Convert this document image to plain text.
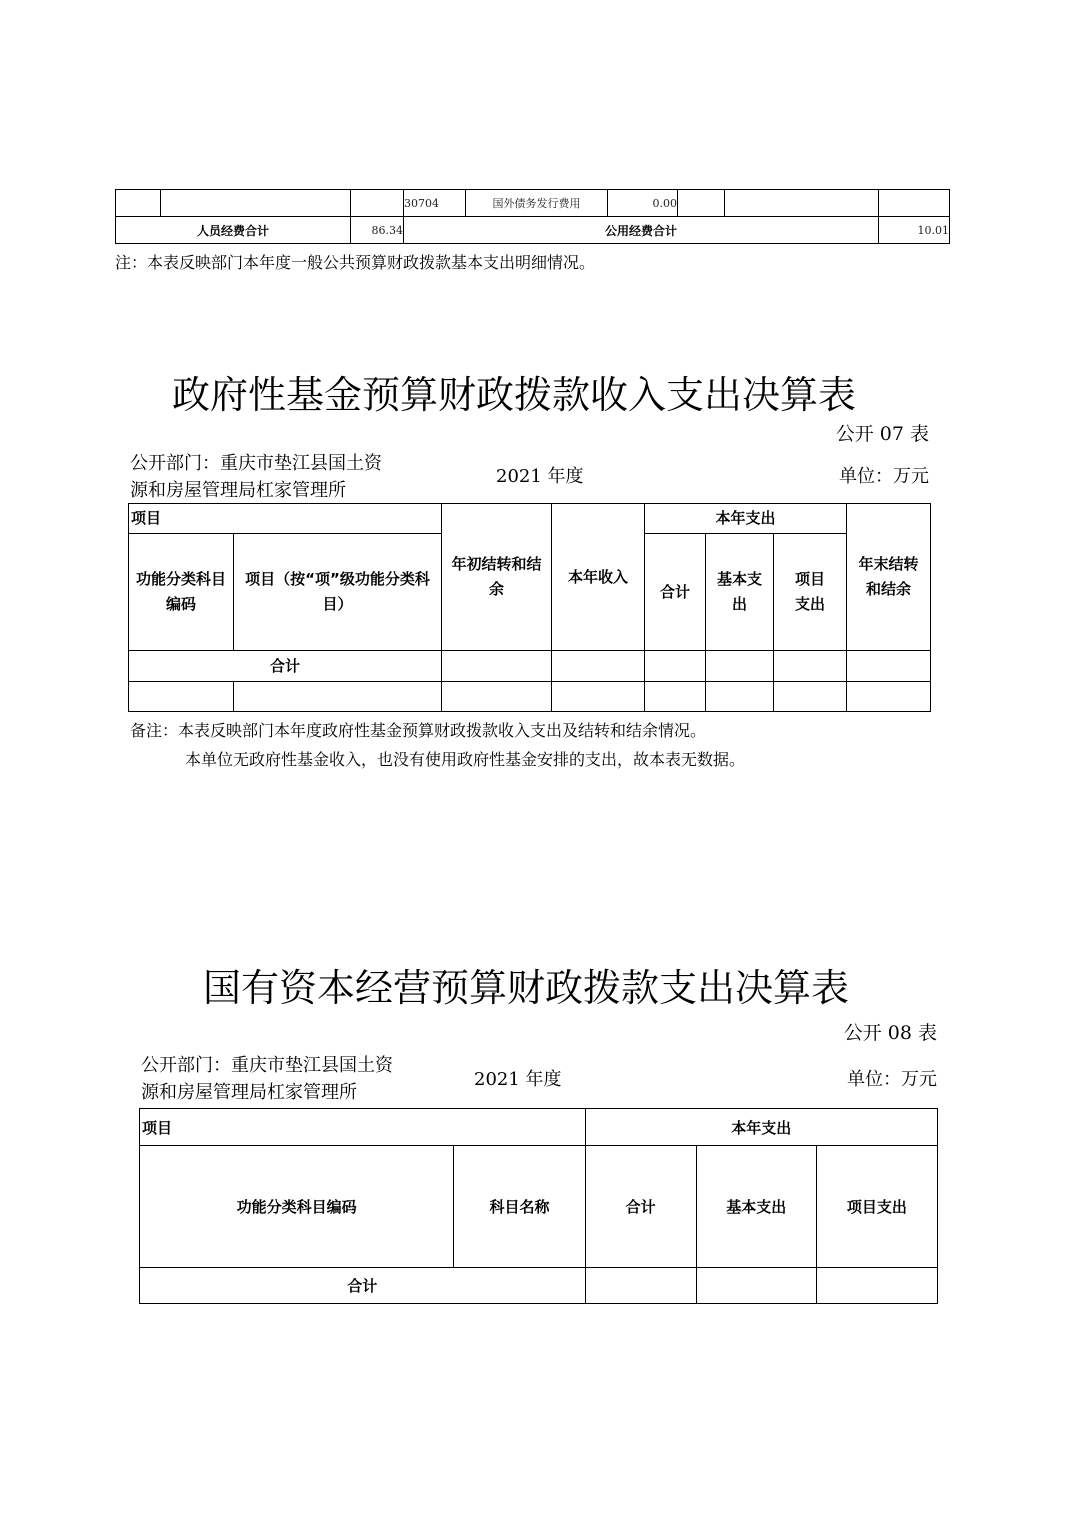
			30704	国外债务发行费用	0.00			
人员经费合计		86.34	公用经费合计					10.01
注：本表反映部门本年度一般公共预算财政拨款基本支出明细情况。
政府性基金预算财政拨款收入支出决算表
公开 07 表
公开部门：重庆市垫江县国土资
源和房屋管理局杠家管理所
2021 年度	单位：万元
项目		年初结转和结余	本年收入	本年支出			年末结转和结余
功能分类科目编码	项目（按“项”级功能分类科目）			合计	基本支出	项目支出	
合计							

备注：本表反映部门本年度政府性基金预算财政拨款收入支出及结转和结余情况。
本单位无政府性基金收入，也没有使用政府性基金安排的支出，故本表无数据。
国有资本经营预算财政拨款支出决算表
公开 08 表
公开部门：重庆市垫江县国土资
源和房屋管理局杠家管理所
2021 年度	单位：万元
项目		本年支出		
功能分类科目编码	科目名称	合计	基本支出	项目支出
合计				
